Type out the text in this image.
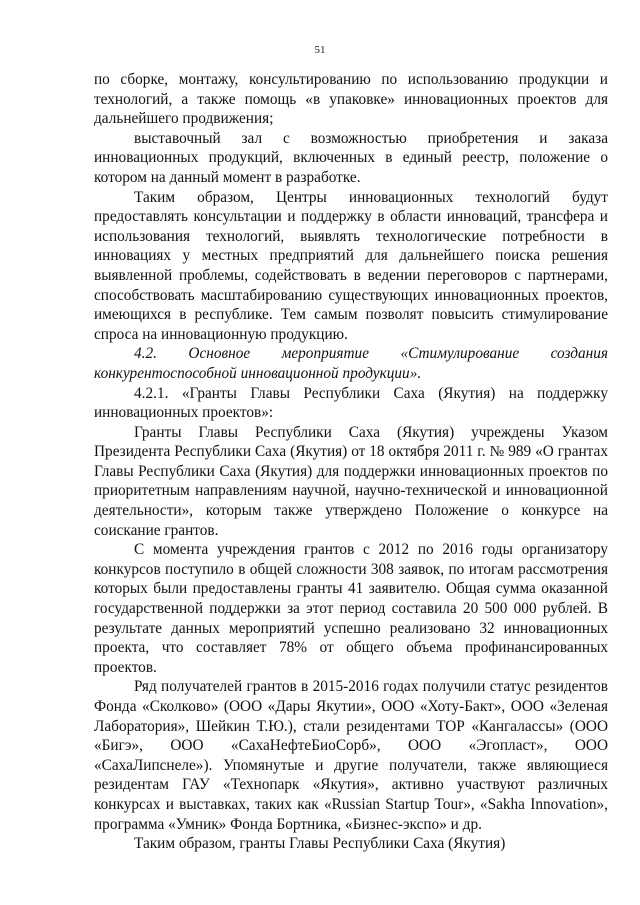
51

по сборке, монтажу, консультированию по использованию продукции и технологий, а также помощь «в упаковке» инновационных проектов для дальнейшего продвижения;

выставочный зал с возможностью приобретения и заказа инновационных продукций, включенных в единый реестр, положение о котором на данный момент в разработке.

Таким образом, Центры инновационных технологий будут предоставлять консультации и поддержку в области инноваций, трансфера и использования технологий, выявлять технологические потребности в инновациях у местных предприятий для дальнейшего поиска решения выявленной проблемы, содействовать в ведении переговоров с партнерами, способствовать масштабированию существующих инновационных проектов, имеющихся в республике. Тем самым позволят повысить стимулирование спроса на инновационную продукцию.

4.2. Основное мероприятие «Стимулирование создания конкурентоспособной инновационной продукции».

4.2.1. «Гранты Главы Республики Саха (Якутия) на поддержку инновационных проектов»:

Гранты Главы Республики Саха (Якутия) учреждены Указом Президента Республики Саха (Якутия) от 18 октября 2011 г. № 989 «О грантах Главы Республики Саха (Якутия) для поддержки инновационных проектов по приоритетным направлениям научной, научно-технической и инновационной деятельности», которым также утверждено Положение о конкурсе на соискание грантов.

С момента учреждения грантов с 2012 по 2016 годы организатору конкурсов поступило в общей сложности 308 заявок, по итогам рассмотрения которых были предоставлены гранты 41 заявителю. Общая сумма оказанной государственной поддержки за этот период составила 20 500 000 рублей. В результате данных мероприятий успешно реализовано 32 инновационных проекта, что составляет 78% от общего объема профинансированных проектов.

Ряд получателей грантов в 2015-2016 годах получили статус резидентов Фонда «Сколково» (ООО «Дары Якутии», ООО «Хоту-Бакт», ООО «Зеленая Лаборатория», Шейкин Т.Ю.), стали резидентами ТОР «Кангалассы» (ООО «Бигэ», ООО «СахаНефтеБиоСорб», ООО «Эгопласт», ООО «СахаЛипснеле»). Упомянутые и другие получатели, также являющиеся резидентам ГАУ «Технопарк «Якутия», активно участвуют различных конкурсах и выставках, таких как «Russian Startup Tour», «Sakha Innovation», программа «Умник» Фонда Бортника, «Бизнес-экспо» и др.

Таким образом, гранты Главы Республики Саха (Якутия)
